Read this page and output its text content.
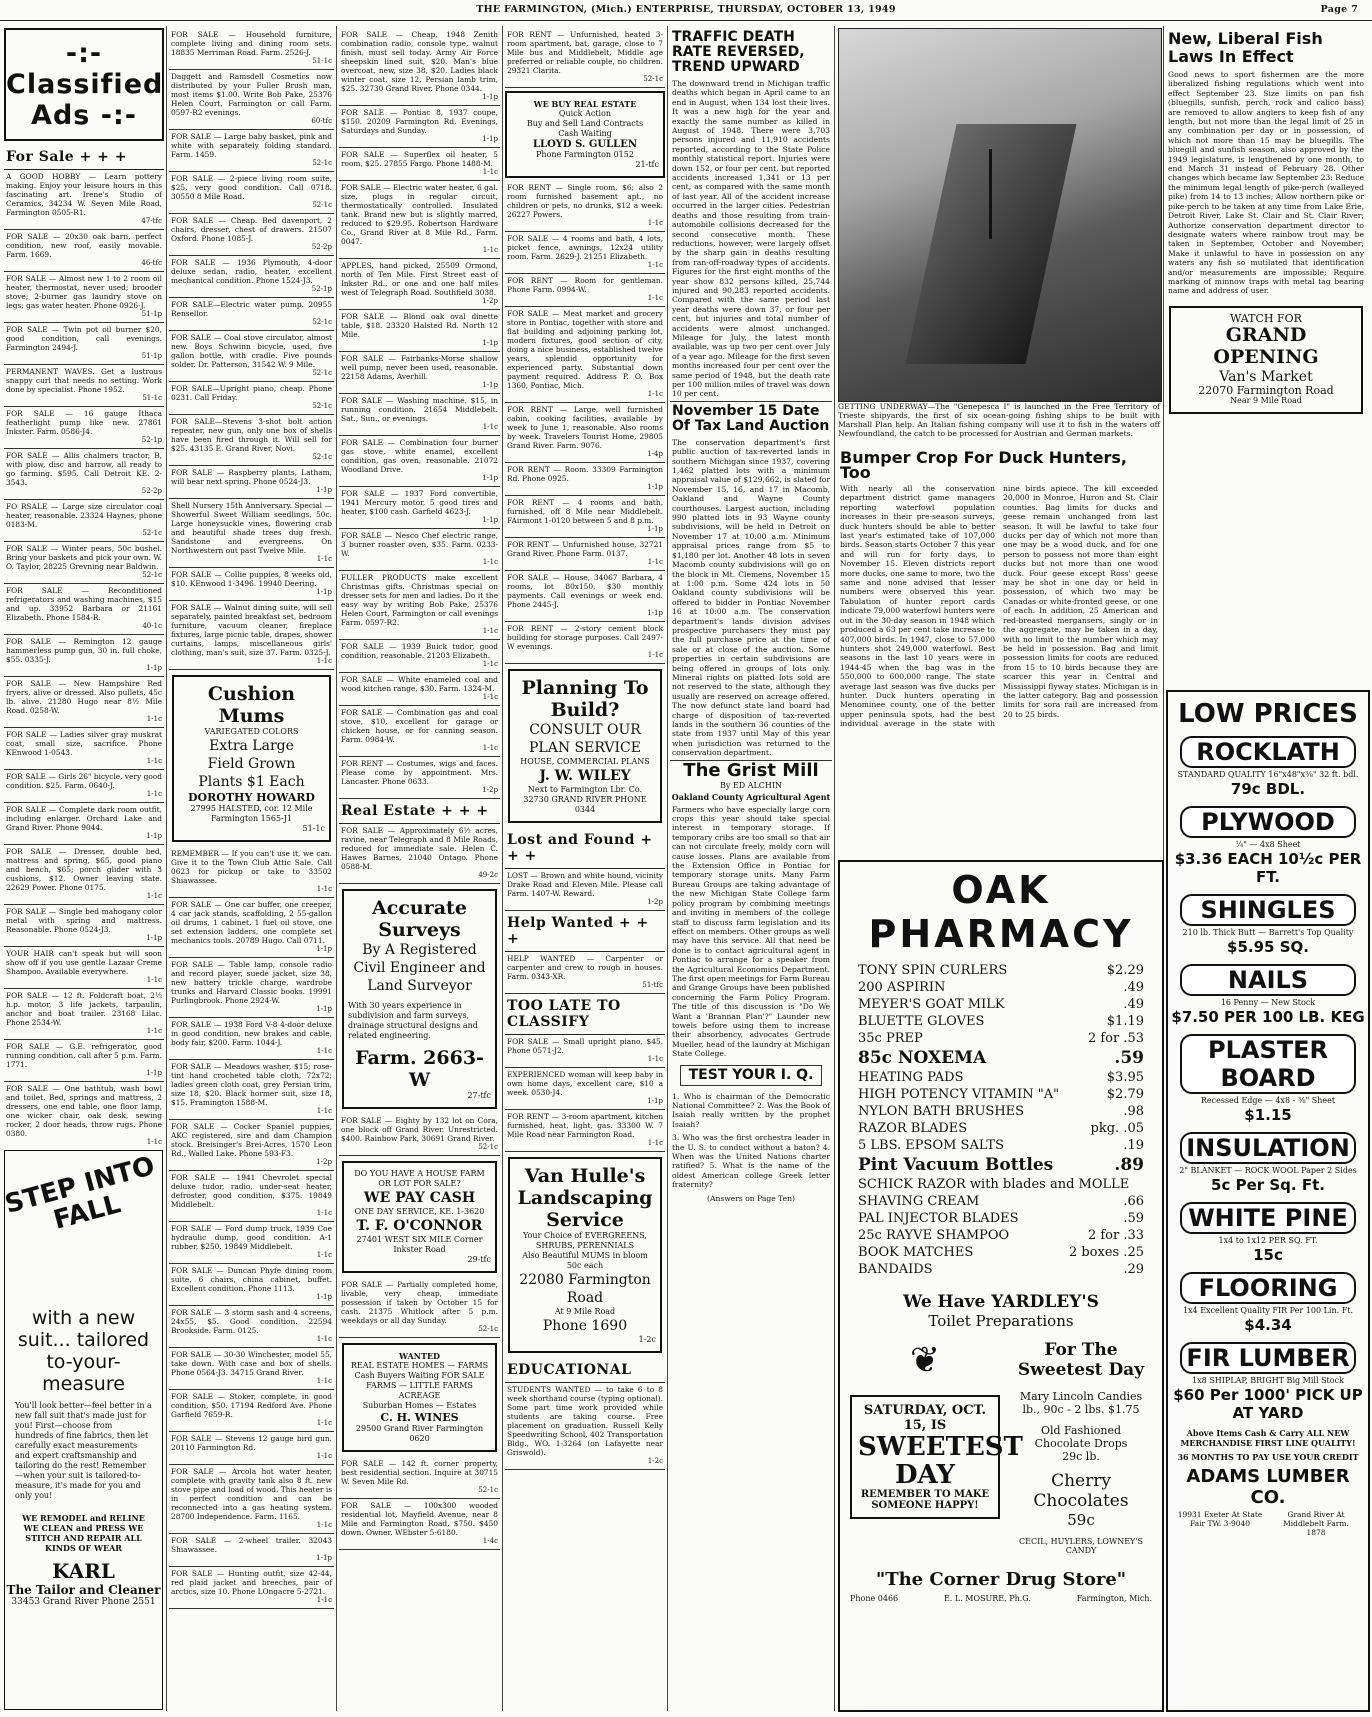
THE FARMINGTON, (Mich.) ENTERPRISE, THURSDAY, OCTOBER 13, 1949	Page 7
-:- Classified Ads -:-
For Sale + + +
A GOOD HOBBY — Learn pottery making. Enjoy your leisure hours in this fascinating art. Irene's Studio of Ceramics, 34234 W. Seven Mile Road, Farmington 0505-R1.
47-tfc
FOR SALE — 20x30 oak barn, perfect condition, new roof, easily movable. Farm. 1669.
46-tfc
FOR SALE — Almost new 1 to 2 room oil heater, thermostat, never used; brooder stove; 2-burner gas laundry stove on legs; gas water heater. Phone 0926-J.
51-1p
FOR SALE — Twin pot oil burner $20, good condition, call evenings. Farmington 2494-J.
51-1p
PERMANENT WAVES. Get a lustrous snappy curl that needs no setting. Work done by specialist. Phone 1952.
51-1c
FOR SALE — 16 gauge Ithaca featherlight pump like new. 27861 Inkster. Farm. 0586-J4.
52-1p
FOR SALE — Allis chalmers tractor, B, with plow, disc and harrow, all ready to go farming. $595. Call Detroit KE. 2-3543.
52-2p
FO RSALE — Large size circulator coal heater, reasonable. 23324 Haynes, phone 0183-M.
52-1c
FOR SALE — Winter pears, 50c bushel. Bring your baskets and pick your own. W. O. Taylor, 28225 Grevning near Baldwin.
52-1c
FOR SALE — Reconditioned refrigerators and washing machines, $15 and up. 33952 Barbara or 21161 Elizabeth. Phone 1584-R.
40-1c
FOR SALE — Remington 12 gauge hammerless pump gun, 30 in. full choke, $55. 0335-J.
1-1p
FOR SALE — New Hampshire Red fryers, alive or dressed. Also pullets, 45c lb. alive. 21280 Hugo near 8½ Mile Road. 0258-W.
1-1c
FOR SALE — Ladies silver gray muskrat coat, small size, sacrifice. Phone KEnwood 1-0543.
1-1c
FOR SALE — Girls 26" bicycle, very good condition. $25. Farm. 0640-J.
1-1c
FOR SALE — Complete dark room outfit, including enlarger. Orchard Lake and Grand River. Phone 9044.
1-1p
FOR SALE — Dresser, double bed, mattress and spring, $65, good piano and bench, $65; porch glider with 3 cushions, $12. Owner leaving state. 22629 Power. Phone 0175.
1-1c
FOR SALE — Single bed mahogany color metal with spring and mattress. Reasonable. Phone 0524-J3.
1-1p
YOUR HAIR can't speak but will soon show off if you use gentle Lazaar Creme Shampoo. Available everywhere.
1-1c
FOR SALE — 12 ft. Foldcraft boat, 2½ h.p. motor, 3 life jackets, tarpaulin, anchor and boat trailer. 23168 Lilac. Phone 2534-W.
1-1c
FOR SALE — G.E. refrigerator, good running condition, call after 5 p.m. Farm. 1771.
1-1p
FOR SALE — One bathtub, wash bowl and toilet. Bed, springs and mattress, 2 dressers, one end table, one floor lamp, one wicker chair, oak desk, sewing rocker, 2 door heads, throw rugs. Phone 0380.
1-1c
STEP INTO FALL
with a new suit... tailored to-your-measure
You'll look better—feel better in a new fall suit that's made just for you! First—choose from hundreds of fine fabrics, then let carefully exact measurements and expert craftsmanship and tailoring do the rest! Remember—when your suit is tailored-to-measure, it's made for you and only you!
WE REMODEL and RELINE WE CLEAN and PRESS WE STITCH AND REPAIR ALL KINDS OF WEAR
KARL
The Tailor and Cleaner
33453 Grand River Phone 2551
FOR SALE — Household furniture, complete living and dining room sets. 18835 Merriman Road. Farm. 2526-J.
51-1c
Daggett and Ramsdell Cosmetics now distributed by your Fuller Brush man, most items $1.00. Write Bob Pake, 25376 Helen Court, Farmington or call Farm. 0597-R2 evenings.
60-tfc
FOR SALE — Large baby basket, pink and white with separately folding standard. Farm. 1459.
52-1c
FOR SALE — 2-piece living room suite, $25, very good condition. Call 0718. 30550 8 Mile Road.
52-1c
FOR SALE — Cheap. Bed davenport, 2 chairs, dresser, chest of drawers. 21507 Oxford. Phone 1085-J.
52-2p
FOR SALE — 1936 Plymouth, 4-door deluxe sedan, radio, heater, excellent mechanical condition. Phone 1524-J3.
52-1p
FOR SALE—Electric water pump. 20955 Rensellor.
52-1c
FOR SALE — Coal stove circulator, almost new. Boys Schwinn bicycle, used, five gallon bottle, with cradle. Five pounds solder. Dr. Patterson, 31542 W. 9 Mile.
52-1c
FOR SALE—Upright piano, cheap. Phone 0231. Call Friday.
52-1c
FOR SALE—Stevens 3-shot bolt action repeater, new gun, only one box of shells have been fired through it. Will sell for $25. 43135 E. Grand River, Novi.
52-1c
FOR SALE — Raspberry plants, Latham, will bear next spring. Phone 0524-J3.
1-1p
Shell Nursery 15th Anniversary. Special — Showerful Sweet William seedlings, 50c. Large honeysuckle vines, flowering crab and beautiful shade trees dug fresh. Sandstone and evergreens. On Northwestern out past Twelve Mile.
1-1c
FOR SALE — Collie puppies, 8 weeks old, $10. KEnwood 1-3496. 19940 Deering.
1-1p
FOR SALE — Walnut dining suite, will sell separately, painted breakfast set, bedroom furniture, vacuum cleaner, fireplace fixtures, large picnic table, drapes, shower curtains, lamps, miscellaneous girls' clothing, man's suit, size 37. Farm. 0325-J.
1-1c
Cushion Mums
VARIEGATED COLORS
Extra Large
Field Grown
Plants $1 Each
DOROTHY HOWARD
27995 HALSTED, cor. 12 Mile Farmington 1565-J1
51-1c
REMEMBER — If you can't use it, we can. Give it to the Town Club Attic Sale. Call 0623 for pickup or take to 33502 Shiawassee.
1-1c
FOR SALE — One car buffer, one creeper, 4 car jack stands, scaffolding, 2 55-gallon oil drums, 1 cabinet, 1 fuel oil stove, one set extension ladders, one complete set mechanics tools. 20789 Hugo. Call 0711.
1-1p
FOR SALE — Table lamp, console radio and record player, suede jacket, size 38, new battery trickle charge, wardrobe trunks and Harvard Classic books. 19991 Purlingbrook. Phone 2924-W.
1-1p
FOR SALE — 1938 Ford V-8 4-door deluxe in good condition, new brakes and cable, body fair, $200. Farm. 1044-J.
1-1c
FOR SALE — Meadows washer, $15; rose-tint hand crocheted table cloth, 72x72; ladies green cloth coat, grey Persian trim, size 18, $20. Black hormer suit, size 18, $15. Framington 1588-M.
1-1c
FOR SALE — Cocker Spaniel puppies, AKC registered, sire and dam Champion stock. Breisinger's Brei-Acres, 1570 Leon Rd., Walled Lake. Phone 593-F3.
1-2p
FOR SALE — 1941 Chevrolet special deluxe tudor, radio, under-seat heater, defroster, good condition, $375. 19849 Middlebelt.
1-1c
FOR SALE — Ford dump truck, 1939 Coe hydraulic dump, good condition. A-1 rubber, $250. 19849 Middlebelt.
1-1c
FOR SALE — Duncan Phyfe dining room suite, 6 chairs, china cabinet, buffet. Excellent condition. Phone 1113.
1-1p
FOR SALE — 3 storm sash and 4 screens, 24x55, $5. Good condition. 22594 Brookside. Farm. 0125.
1-1c
FOR SALE — 30-30 Winchester, model 55, take down. With case and box of shells. Phone 0564-J3. 34715 Grand River.
1-1c
FOR SALE — Stoker, complete, in good condition, $50. 17194 Redford Ave. Phone Garfield 7659-R.
1-1c
FOR SALE — Stevens 12 gauge bird gun. 20110 Farmington Rd.
1-1c
FOR SALE — Arcola hot water heater, complete with gravity tank also 8 ft. new stove pipe and load of wood. This heater is in perfect condition and can be reconnected into a gas heating system. 28700 Independence. Farm. 1165.
1-1c
FOR SALE — 2-wheel trailer. 32043 Shiawassee.
1-1p
FOR SALE — Hunting outfit, size 42-44, red plaid jacket and breeches, pair of arctics, size 10. Phone LOngacre 5-2721.
1-1c
FOR SALE — Cheap, 1948 Zenith combination radio, console type, walnut finish, must sell today. Army Air Force sheepskin lined suit, $20. Man's blue overcoat, new, size 38, $20. Ladies black winter coat, size 12, Persian lamb trim, $25. 32730 Grand River. Phone 0344.
1-1p
FOR SALE — Pontiac 8, 1937 coupe, $150. 20209 Farmington Rd. Evenings, Saturdays and Sunday.
1-1p
FOR SALE — Superflex oil heater, 5 room, $25. 27855 Fargo. Phone 1488-M.
1-1c
FOR SALE — Electric water heater, 6 gal. size, plugs in regular circuit, thermostatically controlled. Insulated tank. Brand new but is slightly marred, reduced to $29.95. Robertson Hardware Co., Grand River at 8 Mile Rd., Farm. 0047.
1-1c
APPLES, hand picked, 25509 Ormond, north of Ten Mile. First Street east of Inkster Rd., or one and one half miles west of Telegraph Road. Southfield 3038.
1-2p
FOR SALE — Blond oak oval dinette table, $18. 23320 Halsted Rd. North 12 Mile.
1-1p
FOR SALE — Fairbanks-Morse shallow well pump, never been used, reasonable. 22158 Adams, Averhill.
1-1p
FOR SALE — Washing machine, $15, in running condition. 21654 Middlebelt. Sat., Sun., or evenings.
1-1c
FOR SALE — Combination four burner gas stove, white enamel, excellent condition, gas oven, reasonable. 21072 Woodland Drive.
1-1p
FOR SALE — 1937 Ford convertible, 1941 Mercury motor, 5 good tires and heater, $100 cash. Garfield 4623-J.
1-1p
FOR SALE — Nesco Chef electric range, 3 burner roaster oven, $35. Farm. 0233-W.
1-1c
FULLER PRODUCTS make excellent Christmas gifts. Christmas special on dresser sets for men and ladies. Do it the easy way by writing Bob Pake, 25376 Helen Court, Farmington or call evenings Farm. 0597-R2.
1-1c
FOR SALE — 1939 Buick tudor, good condition, reasonable. 21203 Elizabeth.
1-1c
FOR SALE — White enameled coal and wood kitchen range, $30. Farm. 1324-M.
1-1c
FOR SALE — Combination gas and coal stove, $10, excellent for garage or chicken house, or for canning season. Farm. 0984-W.
1-1c
FOR RENT — Costumes, wigs and faces. Please come by appointment. Mrs. Lancaster. Phone 0633.
1-2p
Real Estate + + +
FOR SALE — Approximately 6½ acres, ravine, near Telegraph and 8 Mile Roads, reduced for immediate sale. Helen C. Hawes Barnes, 21040 Ontago. Phone 0588-M.
49-2c
Accurate Surveys
By A Registered
Civil Engineer and
Land Surveyor
With 30 years experience in subdivision and farm surveys, drainage structural designs and related engineering.
Farm. 2663-W
27-tfc
FOR SALE — Eighty by 132 lot on Cora, one block off Grand River. Unrestricted. $400. Rainbow Park, 30691 Grand River.
52-1c
DO YOU HAVE A HOUSE FARM OR LOT FOR SALE?
WE PAY CASH
ONE DAY SERVICE, KE. 1-3620
T. F. O'CONNOR
27401 WEST SIX MILE Corner Inkster Road
29-tfc
FOR SALE — Partially completed home, livable, very cheap, immediate possession if taken by October 15 for cash. 21375 Whitlock after 5 p.m. weekdays or all day Sunday.
52-1c
WANTED
REAL ESTATE HOMES — FARMS
Cash Buyers Waiting FOR SALE
FARMS — LITTLE FARMS ACREAGE
Suburban Homes — Estates
C. H. WINES
29500 Grand River Farmington 0620
FOR SALE — 142 ft. corner property, best residential section. Inquire at 30715 W. Seven Mile Rd.
52-1c
FOR SALE — 100x300 wooded residential lot, Mayfield Avenue, near 8 Mile and Farmington Road, $750. $450 down. Owner. WEbster 5-6180.
1-4c
FOR RENT — Unfurnished, heated 3-room apartment, bat, garage, close to 7 Mile bus and Middlebelt, Middle age preferred or reliable couple, no children. 29321 Clarita.
52-1c
WE BUY REAL ESTATE
Quick Action
Buy and Sell Land Contracts
Cash Waiting
LLOYD S. GULLEN
Phone Farmington 0152
21-tfc
FOR RENT — Single room, $6; also 2 room furnished basement apt., no children or pets, no drunks, $12 a week. 26227 Powers.
1-1c
FOR SALE — 4 rooms and bath, 4 lots, picket fence, awnings, 12x24 utility room. Farm. 2629-J. 21251 Elizabeth.
1-1c
FOR RENT — Room for gentleman. Phone Farm. 0994-W.
1-1c
FOR SALE — Meat market and grocery store in Pontiac, together with store and flat building and adjoining parking lot, modern fixtures, good section of city, doing a nice business, established twelve years, splendid opportunity for experienced party. Substantial down payment required. Address P. O. Box 1360, Pontiac, Mich.
1-1c
FOR RENT — Large, well furnished cabin, cooking facilities, available by week to June 1, reasonable. Also rooms by week. Travelers Tourist Home, 29805 Grand River. Farm. 9076.
1-4p
FOR RENT — Room. 33309 Farmington Rd. Phone 0925.
1-1p
FOR RENT — 4 rooms and bath, furnished, off 8 Mile near Middlebelt. FAirmont 1-0120 between 5 and 8 p.m.
1-1p
FOR RENT — Unfurnished house, 32721 Grand River. Phone Farm. 0137.
1-1c
FOR SALE — House, 34067 Barbara, 4 rooms, lot 80x150, $30 monthly payments. Call evenings or week end. Phone 2445-J.
1-1p
FOR RENT — 2-story cement block building for storage purposes. Call 2497-W evenings.
1-1c
Planning To Build?
CONSULT OUR PLAN SERVICE
HOUSE, COMMERCIAL PLANS
J. W. WILEY
Next to Farmington Lbr. Co. 32730 GRAND RIVER PHONE 0344
Lost and Found + + +
LOST — Brown and white hound, vicinity Drake Road and Eleven Mile. Please call Farm. 1407-W. Reward.
1-2p
Help Wanted + + +
HELP WANTED — Carpenter or carpenter and crew to rough in houses. Farm. 0343-XR.
51-tfc
TOO LATE TO CLASSIFY
FOR SALE — Small upright piano, $45. Phone 0571-J2.
1-1c
EXPERIENCED woman will keep baby in own home days, excellent care, $10 a week. 0530-J4.
1-1p
FOR RENT — 3-room apartment, kitchen furnished, heat, light, gas. 33300 W. 7 Mile Road near Farmington Road.
1-1c
Van Hulle's Landscaping Service
Your Choice of EVERGREENS, SHRUBS, PERENNIALS
Also Beautiful MUMS in bloom 50c each
22080 Farmington Road
At 9 Mile Road
Phone 1690
1-2c
EDUCATIONAL
STUDENTS WANTED — to take 6 to 8 week shorthand course (typing optional). Some part time work provided while students are taking course. Free placement on graduation. Russell Kelly Speedwriting School, 402 Transportation Bldg., WO. 1-3264 (on Lafayette near Griswold).
1-2c
TRAFFIC DEATH RATE REVERSED, TREND UPWARD
The downward trend in Michigan traffic deaths which began in April came to an end in August, when 134 lost their lives. It was a new high for the year and exactly the same number as killed in August of 1948. There were 3,703 persons injured and 11,910 accidents reported, according to the State Police monthly statistical report. Injuries were down 152, or four per cent, but reported accidents increased 1,341 or 13 per cent, as compared with the same month of last year. All of the accident increase occurred in the larger cities. Pedestrian deaths and those resulting from train-automobile collisions decreased for the second consecutive month. These reductions, however, were largely offset by the sharp gain in deaths resulting from ran-off-roadway types of accidents. Figures for the first eight months of the year show 832 persons killed, 25,744 injured and 90,283 reported accidents. Compared with the same period last year deaths were down 37, or four per cent, but injuries and total number of accidents were almost unchanged. Mileage for July, the latest month available, was up two per cent over July of a year ago. Mileage for the first seven months increased four per cent over the same period of 1948, but the death rate per 100 million miles of travel was down 10 per cent.
November 15 Date Of Tax Land Auction
The conservation department's first public auction of tax-reverted lands in southern Michigan since 1937, covering 1,462 platted lots with a minimum appraisal value of $129,662, is slated for November 15, 16, and 17 in Macomb, Oakland and Wayne County courthouses. Largest auction, including 990 platted lots in 93 Wayne county subdivisions, will be held in Detroit on November 17 at 10:00 a.m. Minimum appraisal prices range from $5 to $1,180 per lot. Another 48 lots in seven Macomb county subdivisions will go on the block in Mt. Clemens, November 15 at 1:00 p.m. Some 424 lots in 50 Oakland county subdivisions will be offered to bidder in Pontiac November 16 at 10:00 a.m. The conservation department's lands division advises prospective purchasers they must pay the full purchase price at the time of sale or at close of the auction. Some properties in certain subdivisions are being offered in groups of lots only. Mineral rights on platted lots sold are not reserved to the state, although they usually are reserved on acreage offered. The now defunct state land board had charge of disposition of tax-reverted lands in the southern 36 counties of the state from 1937 until May of this year when jurisdiction was returned to the conservation department.
The Grist Mill
By ED ALCHIN
Oakland County Agricultural Agent
Farmers who have especially large corn crops this year should take special interest in temporary storage. If temporary cribs are too small so that air can not circulate freely, moldy corn will cause losses. Plans are available from the Extension Office in Pontiac for temporary storage units. Many Farm Bureau Groups are taking advantage of the new Michigan State College farm policy program by combining meetings and inviting in members of the college staff to discuss farm legislation and its effect on members. Other groups as well may have this service. All that need be done is to contact agricultural agent in Pontiac to arrange for a speaker from the Agricultural Economics Department. The first open meetings for Farm Bureau and Grange Groups have been published concerning the Farm Policy Program. The title of this discussion is "Do We Want a 'Brannan Plan'?" Launder new towels before using them to increase their absorbency, advocates Gertrude Mueller, head of the laundry at Michigan State College.
TEST YOUR I. Q.
1. Who is chairman of the Democratic National Committee? 2. Was the Book of Isaiah really written by the prophet Isaiah?
3. Who was the first orchestra leader in the U. S. to conduct without a baton? 4. When was the United Nations charter ratified? 5. What is the name of the oldest American college Greek letter fraternity?
(Answers on Page Ten)
GETTING UNDERWAY—The "Genepesca I" is launched in the Free Territory of Trieste shipyards, the first of six ocean-going fishing ships to be built with Marshall Plan help. An Italian fishing company will use it to fish in the waters off Newfoundland, the catch to be processed for Austrian and German markets.
Bumper Crop For Duck Hunters, Too
With nearly all the conservation department district game managers reporting waterfowl population increases in their pre-season surveys, duck hunters should be able to better last year's estimated take of 107,000 birds. Season starts October 7 this year and will run for forty days, to November 15. Eleven districts report more ducks, one same to more, two the same and none advised that lesser numbers were observed this year. Tabulation of hunter report cards indicate 79,000 waterfowl hunters were out in the 30-day season in 1948 which produced a 63 per cent take increase to 407,000 birds. In 1947, close to 57,000 hunters shot 249,000 waterfowl. Best seasons in the last 10 years were in 1944-45 when the bag was in the 550,000 to 600,000 range. The state average last season was five ducks per hunter. Duck hunters operating in Menominee county, one of the better upper peninsula spots, had the best individual average in the state with nine birds apiece. The kill exceeded 20,000 in Monroe, Huron and St. Clair counties. Bag limits for ducks and geese remain unchanged from last season. It will be lawful to take four ducks per day of which not more than one may be a wood duck, and for one person to possess not more than eight ducks but not more than one wood duck. Four geese except Ross' geese may be shot in one day or held in possession, of which two may be Canadas or white-fronted geese, or one of each. In addition, 25 American and red-breasted mergansers, singly or in the aggregate, may be taken in a day, with no limit to the number which may be held in possession. Bag and limit possession limits for coots are reduced from 15 to 10 birds because they are scarcer this year in Central and Mississippi flyway states. Michigan is in the latter category. Bag and possession limits for sora rail are increased from 20 to 25 birds.
OAK PHARMACY
TONY SPIN CURLERS	$2.29
200 ASPIRIN	.49
MEYER'S GOAT MILK	.49
BLUETTE GLOVES	$1.19
35c PREP	2 for .53
85c NOXEMA	.59
HEATING PADS	$3.95
HIGH POTENCY VITAMIN "A"	$2.79
NYLON BATH BRUSHES	.98
RAZOR BLADES	pkg. .05
5 LBS. EPSOM SALTS	.19
Pint Vacuum Bottles	.89
SCHICK RAZOR with blades and MOLLE
SHAVING CREAM	.66
PAL INJECTOR BLADES	.59
25c RAYVE SHAMPOO	2 for .33
BOOK MATCHES	2 boxes .25
BANDAIDS	.29
We Have YARDLEY'S
Toilet Preparations
❦
SATURDAY, OCT. 15, IS
SWEETEST DAY
REMEMBER TO MAKE SOMEONE HAPPY!
For The
Sweetest Day
Mary Lincoln Candies
lb., 90c - 2 lbs. $1.75
Old Fashioned
Chocolate Drops
29c lb.
Cherry
Chocolates
59c
CECIL, HUYLERS, LOWNEY'S CANDY
"The Corner Drug Store"
Phone 0466	E. L. MOSURE, Ph.G.	Farmington, Mich.
New, Liberal Fish Laws In Effect
Good news to sport fishermen are the more liberalized fishing regulations which went into effect September 23. Size limits on pan fish (bluegills, sunfish, perch, rock and calico bass) are removed to allow anglers to keep fish of any length, but not more than the legal limit of 25 in any combination per day or in possession, of which not more than 15 may be bluegills. The bluegill and sunfish season, also approved by the 1949 legislature, is lengthened by one month, to end March 31 instead of February 28. Other changes which became law September 23: Reduce the minimum legal length of pike-perch (walleyed pike) from 14 to 13 inches; Allow northern pike or pike-perch to be taken at any time from Lake Erie, Detroit River, Lake St. Clair and St. Clair River; Authorize conservation department director to designate waters where rainbow trout may be taken in September, October and November; Make it unlawful to have in possession on any waters any fish so mutilated that identification and/or measurements are impossible; Require marking of minnow traps with metal tag bearing name and address of user.
WATCH FOR
GRAND OPENING
Van's Market
22070 Farmington Road
Near 9 Mile Road
LOW PRICES
ROCKLATH
STANDARD QUALITY 16"x48"x⅜" 32 ft. bdl.
79c BDL.
PLYWOOD
¼" — 4x8 Sheet
$3.36 EACH 10½c PER FT.
SHINGLES
210 lb. Thick Butt — Barrett's Top Quality
$5.95 SQ.
NAILS
16 Penny — New Stock
$7.50 PER 100 LB. KEG
PLASTER BOARD
Recessed Edge — 4x8 - ⅜" Sheet
$1.15
INSULATION
2" BLANKET — ROCK WOOL Paper 2 Sides
5c Per Sq. Ft.
WHITE PINE
1x4 to 1x12 PER SQ. FT.
15c
FLOORING
1x4 Excellent Quality FIR Per 100 Lin. Ft.
$4.34
FIR LUMBER
1x8 SHIPLAP, BRIGHT Big Mill Stock
$60 Per 1000' PICK UP AT YARD
Above Items Cash & Carry ALL NEW MERCHANDISE FIRST LINE QUALITY!
36 MONTHS TO PAY USE YOUR CREDIT
ADAMS LUMBER CO.
19931 Exeter At State Fair TW. 3-9040
Grand River At Middlebelt Farm. 1878
